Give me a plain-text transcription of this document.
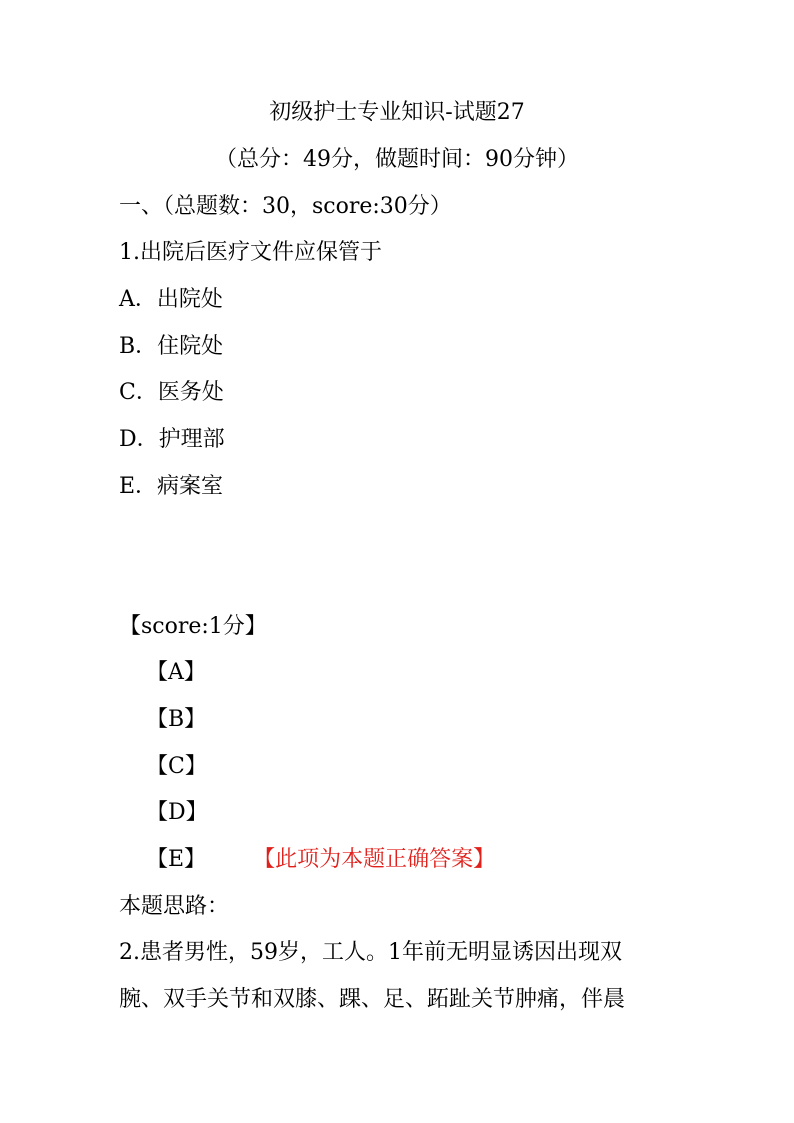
初级护士专业知识-试题27
（总分：49分，做题时间：90分钟）
一、（总题数：30，score:30分）
1.出院后医疗文件应保管于
A．出院处
B．住院处
C．医务处
D．护理部
E．病案室
【score:1分】
【A】
【B】
【C】
【D】
【E】 【此项为本题正确答案】
本题思路：
2.患者男性，59岁，工人。1年前无明显诱因出现双
腕、双手关节和双膝、踝、足、跖趾关节肿痛，伴晨
